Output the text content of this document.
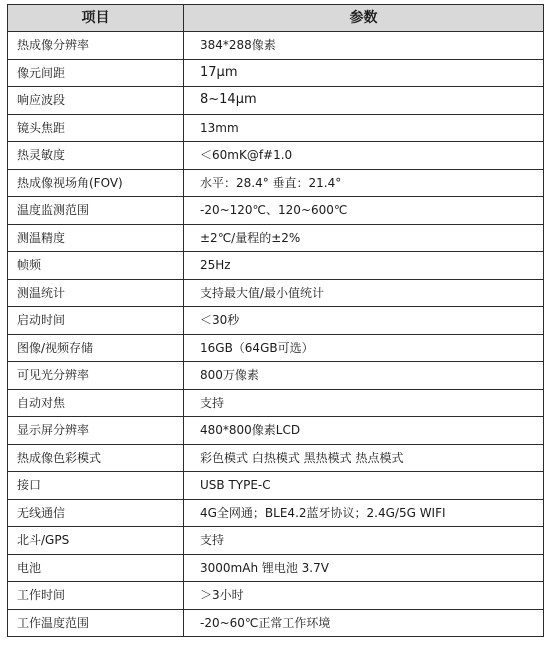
项目	参数
热成像分辨率	384*288像素
像元间距	17μm
响应波段	8~14μm
镜头焦距	13mm
热灵敏度	＜60mK@f#1.0
热成像视场角(FOV)	水平：28.4° 垂直：21.4°
温度监测范围	-20~120℃、120~600℃
测温精度	±2℃/量程的±2%
帧频	25Hz
测温统计	支持最大值/最小值统计
启动时间	＜30秒
图像/视频存储	16GB（64GB可选）
可见光分辨率	800万像素
自动对焦	支持
显示屏分辨率	480*800像素LCD
热成像色彩模式	彩色模式 白热模式 黑热模式 热点模式
接口	USB TYPE-C
无线通信	4G全网通；BLE4.2蓝牙协议；2.4G/5G WIFI
北斗/GPS	支持
电池	3000mAh 锂电池 3.7V
工作时间	＞3小时
工作温度范围	-20~60℃正常工作环境
